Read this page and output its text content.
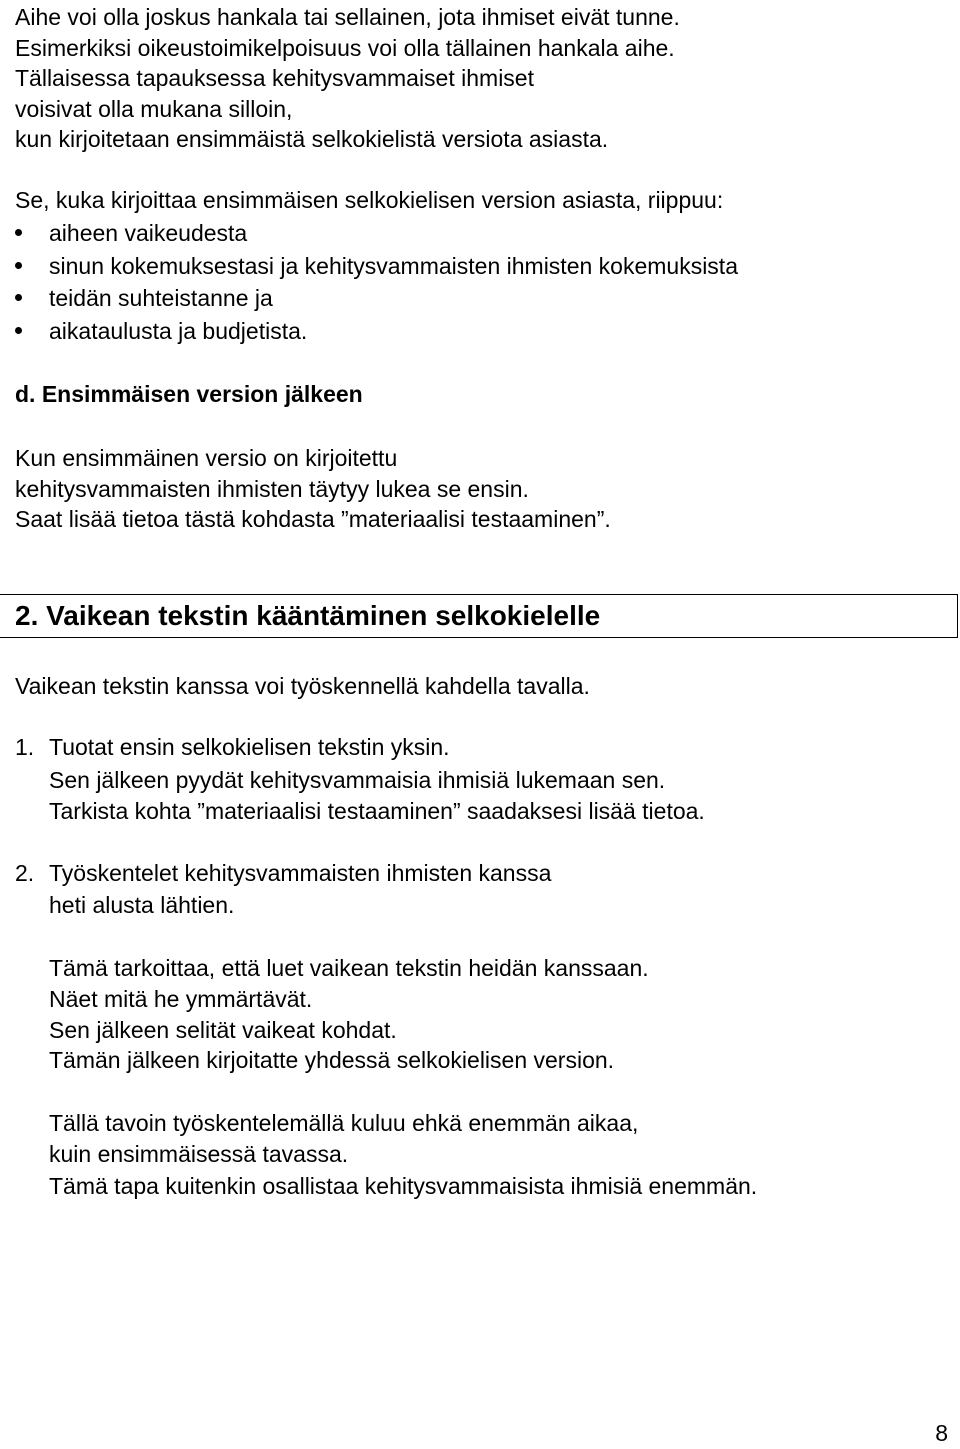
Aihe voi olla joskus hankala tai sellainen, jota ihmiset eivät tunne.
Esimerkiksi oikeustoimikelpoisuus voi olla tällainen hankala aihe.
Tällaisessa tapauksessa kehitysvammaiset ihmiset
voisivat olla mukana silloin,
kun kirjoitetaan ensimmäistä selkokielistä versiota asiasta.
Se, kuka kirjoittaa ensimmäisen selkokielisen version asiasta, riippuu:
aiheen vaikeudesta
sinun kokemuksestasi ja kehitysvammaisten ihmisten kokemuksista
teidän suhteistanne ja
aikataulusta ja budjetista.
d. Ensimmäisen version jälkeen
Kun ensimmäinen versio on kirjoitettu
kehitysvammaisten ihmisten täytyy lukea se ensin.
Saat lisää tietoa tästä kohdasta ”materiaalisi testaaminen”.
2. Vaikean tekstin kääntäminen selkokielelle
Vaikean tekstin kanssa voi työskennellä kahdella tavalla.
1. Tuotat ensin selkokielisen tekstin yksin.
Sen jälkeen pyydät kehitysvammaisia ihmisiä lukemaan sen.
Tarkista kohta ”materiaalisi testaaminen” saadaksesi lisää tietoa.
2. Työskentelet kehitysvammaisten ihmisten kanssa
heti alusta lähtien.
Tämä tarkoittaa, että luet vaikean tekstin heidän kanssaan.
Näet mitä he ymmärtävät.
Sen jälkeen selität vaikeat kohdat.
Tämän jälkeen kirjoitatte yhdessä selkokielisen version.
Tällä tavoin työskentelemällä kuluu ehkä enemmän aikaa,
kuin ensimmäisessä tavassa.
Tämä tapa kuitenkin osallistaa kehitysvammaisista ihmisiä enemmän.
8
